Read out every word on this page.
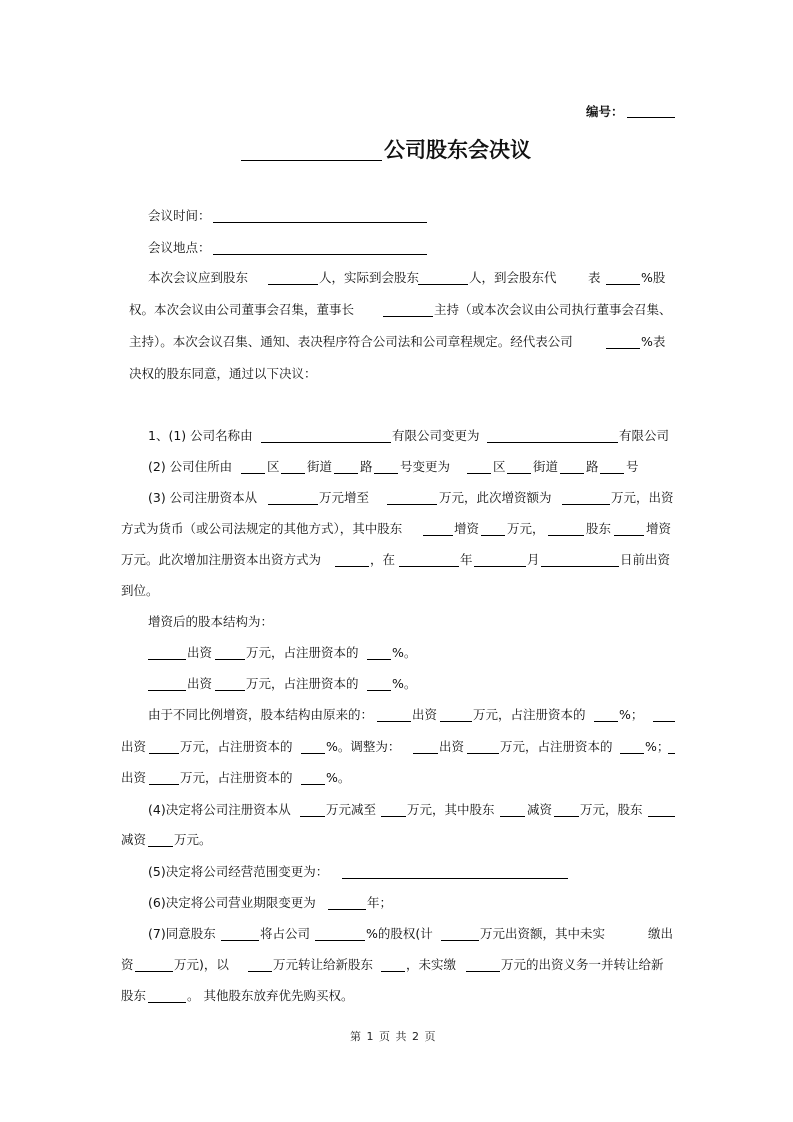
编号：
公司股东会决议
会议时间：
会议地点：
本次会议应到股东	人，实际到会股东	人，到会股东代	表	%股
权。本次会议由公司董事会召集，董事长	主持（或本次会议由公司执行董事会召集、
主持）。本次会议召集、通知、表决程序符合公司法和公司章程规定。经代表公司	%表
决权的股东同意，通过以下决议：
1、(1) 公司名称由	有限公司变更为	有限公司
(2) 公司住所由	区 街道 路 号变更为	区 街道 路 号
(3) 公司注册资本从	万元增至	万元，此次增资额为	万元，出资
方式为货币（或公司法规定的其他方式），其中股东	增资 万元，	股东	增资
万元。此次增加注册资本出资方式为	，在	年	月	日前出资
到位。
增资后的股本结构为：
出资	万元，占注册资本的	%。
出资	万元，占注册资本的	%。
由于不同比例增资，股本结构由原来的：	出资	万元，占注册资本的	%；
出资	万元，占注册资本的	%。调整为：	出资	万元，占注册资本的	%；
出资	万元，占注册资本的	%。
(4)决定将公司注册资本从	万元减至 万元，其中股东	减资 万元，股东
减资 万元。
(5)决定将公司经营范围变更为：
(6)决定将公司营业期限变更为	年；
(7)同意股东	将占公司	%的股权(计	万元出资额，其中未实	缴出
资	万元)，以	万元转让给新股东	，未实缴	万元的出资义务一并转让给新
股东	。 其他股东放弃优先购买权。
第 1 页 共 2 页
